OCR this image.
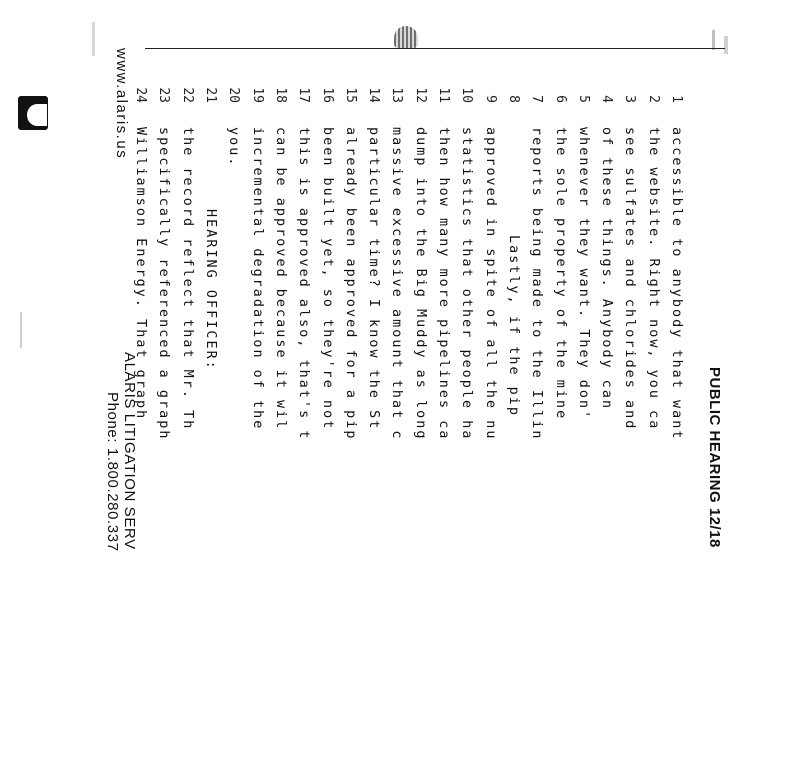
PUBLIC HEARING 12/18
1
accessible to anybody that want
2
the website. Right now, you ca
3
see sulfates and chlorides and
4
of these things. Anybody can
5
whenever they want. They don'
6
the sole property of the mine
7
reports being made to the Illin
8
Lastly, if the pip
9
approved in spite of all the nu
10
statistics that other people ha
11
then how many more pipelines ca
12
dump into the Big Muddy as long
13
massive excessive amount that c
14
particular time? I know the St
15
already been approved for a pip
16
been built yet, so they're not
17
this is approved also, that's t
18
can be approved because it wil
19
incremental degradation of the
20
you.
21
HEARING OFFICER:
22
the record reflect that Mr. Th
23
specifically referenced a graph
24
Williamson Energy. That graph
www.alaris.us
ALARIS LITIGATION SERV
Phone: 1.800.280.337
